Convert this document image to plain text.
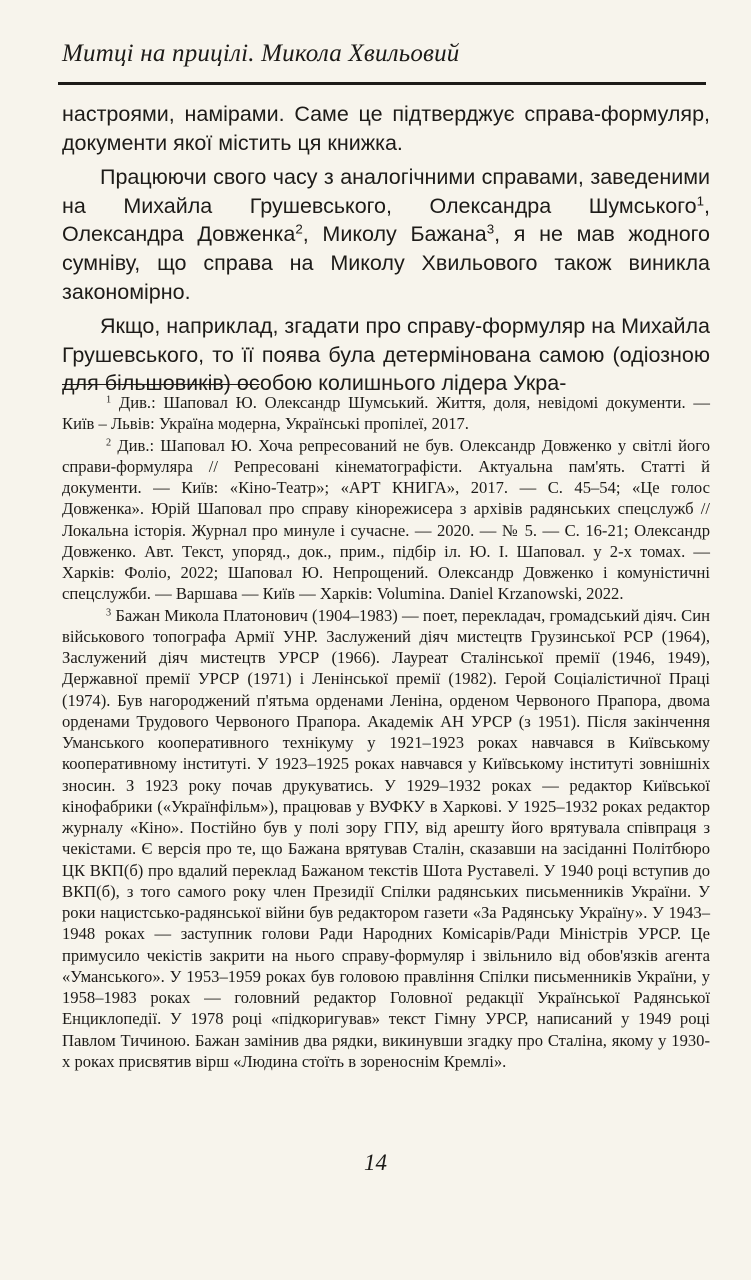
Митці на прицілі. Микола Хвильовий

настроями, намірами. Саме це підтверджує справа-формуляр, документи якої містить ця книжка.

Працюючи свого часу з аналогічними справами, заведеними на Михайла Грушевського, Олександра Шумського$^1$, Олександра Довженка$^2$, Миколу Бажана$^3$, я не мав жодного сумніву, що справа на Миколу Хвильового також виникла закономірно.

Якщо, наприклад, згадати про справу-формуляр на Михайла Грушевського, то її поява була детермінована самою (одіозною для більшовиків) особою колишнього лідера Укра-

$^1$ Див.: Шаповал Ю. Олександр Шумський. Життя, доля, невідомі документи. — Київ – Львів: Україна модерна, Українські пропілеї, 2017.

$^2$ Див.: Шаповал Ю. Хоча репресований не був. Олександр Довженко у світлі його справи-формуляра // Репресовані кінематографісти. Актуальна пам'ять. Статті й документи. — Київ: «Кіно-Театр»; «АРТ КНИГА», 2017. — С. 45–54; «Це голос Довженка». Юрій Шаповал про справу кінорежисера з архівів радянських спецслужб // Локальна історія. Журнал про минуле і сучасне. — 2020. — № 5. — С. 16-21; Олександр Довженко. Авт. Текст, упоряд., док., прим., підбір іл. Ю. І. Шаповал. у 2-х томах. — Харків: Фоліо, 2022; Шаповал Ю. Непрощений. Олександр Довженко і комуністичні спецслужби. — Варшава — Київ — Харків: Volumina. Daniel Krzanowski, 2022.

$^3$ Бажан Микола Платонович (1904–1983) — поет, перекладач, громадський діяч. Син військового топографа Армії УНР. Заслужений діяч мистецтв Грузинської РСР (1964), Заслужений діяч мистецтв УРСР (1966). Лауреат Сталінської премії (1946, 1949), Державної премії УРСР (1971) і Ленінської премії (1982). Герой Соціалістичної Праці (1974). Був нагороджений п'ятьма орденами Леніна, орденом Червоного Прапора, двома орденами Трудового Червоного Прапора. Академік АН УРСР (з 1951). Після закінчення Уманського кооперативного технікуму у 1921–1923 роках навчався в Київському кооперативному інституті. У 1923–1925 роках навчався у Київському інституті зовнішніх зносин. З 1923 року почав друкуватись. У 1929–1932 роках — редактор Київської кінофабрики («Українфільм»), працював у ВУФКУ в Харкові. У 1925–1932 роках редактор журналу «Кіно». Постійно був у полі зору ГПУ, від арешту його врятувала співпраця з чекістами. Є версія про те, що Бажана врятував Сталін, сказавши на засіданні Політбюро ЦК ВКП(б) про вдалий переклад Бажаном текстів Шота Руставелі. У 1940 році вступив до ВКП(б), з того самого року член Президії Спілки радянських письменників України. У роки нацистсько-радянської війни був редактором газети «За Радянську Україну». У 1943–1948 роках — заступник голови Ради Народних Комісарів/Ради Міністрів УРСР. Це примусило чекістів закрити на нього справу-формуляр і звільнило від обов'язків агента «Уманського». У 1953–1959 роках був головою правління Спілки письменників України, у 1958–1983 роках — головний редактор Головної редакції Української Радянської Енциклопедії. У 1978 році «підкоригував» текст Гімну УРСР, написаний у 1949 році Павлом Тичиною. Бажан замінив два рядки, викинувши згадку про Сталіна, якому у 1930-х роках присвятив вірш «Людина стоїть в зореноснім Кремлі».

14
